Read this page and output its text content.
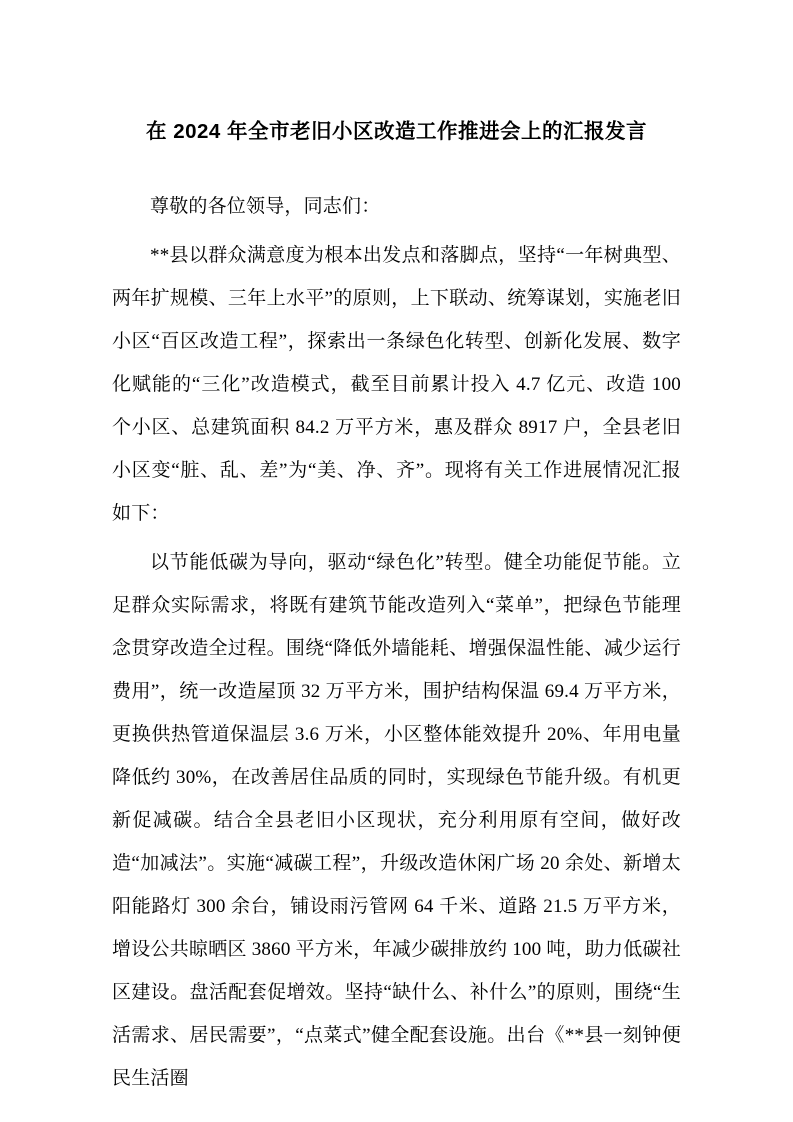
在 2024 年全市老旧小区改造工作推进会上的汇报发言

尊敬的各位领导，同志们：

**县以群众满意度为根本出发点和落脚点，坚持“一年树典型、两年扩规模、三年上水平”的原则，上下联动、统筹谋划，实施老旧小区“百区改造工程”，探索出一条绿色化转型、创新化发展、数字化赋能的“三化”改造模式，截至目前累计投入 4.7 亿元、改造 100 个小区、总建筑面积 84.2 万平方米，惠及群众 8917 户，全县老旧小区变“脏、乱、差”为“美、净、齐”。现将有关工作进展情况汇报如下：

以节能低碳为导向，驱动“绿色化”转型。健全功能促节能。立足群众实际需求，将既有建筑节能改造列入“菜单”，把绿色节能理念贯穿改造全过程。围绕“降低外墙能耗、增强保温性能、减少运行费用”，统一改造屋顶 32 万平方米，围护结构保温 69.4 万平方米，更换供热管道保温层 3.6 万米，小区整体能效提升 20%、年用电量降低约 30%，在改善居住品质的同时，实现绿色节能升级。有机更新促减碳。结合全县老旧小区现状，充分利用原有空间，做好改造“加减法”。实施“减碳工程”，升级改造休闲广场 20 余处、新增太阳能路灯 300 余台，铺设雨污管网 64 千米、道路 21.5 万平方米，增设公共晾晒区 3860 平方米，年减少碳排放约 100 吨，助力低碳社区建设。盘活配套促增效。坚持“缺什么、补什么”的原则，围绕“生活需求、居民需要”，“点菜式”健全配套设施。出台《**县一刻钟便民生活圈
